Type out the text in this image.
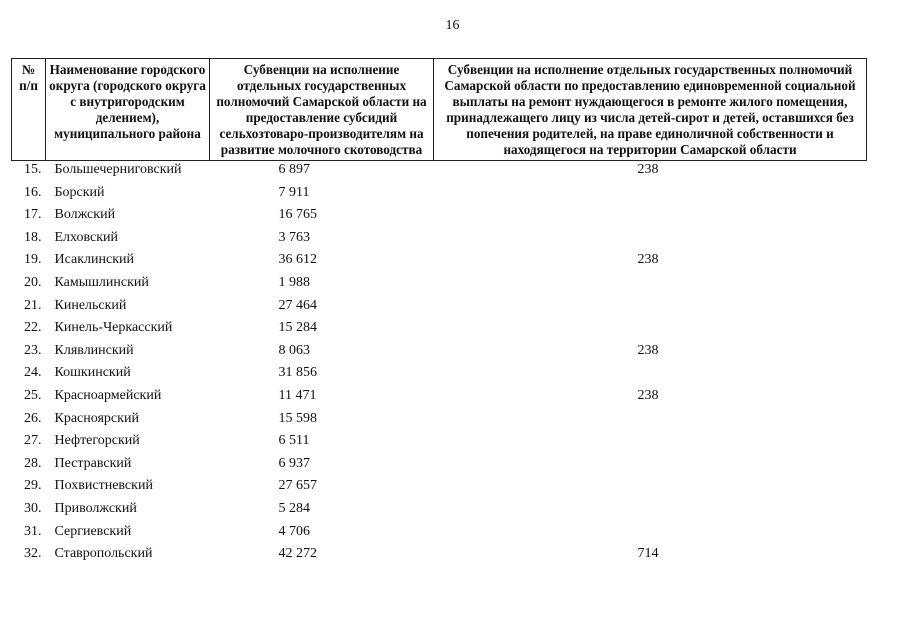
16
№ п/п	Наименование городского округа (городского округа с внутригородским делением), муниципального района	Субвенции на исполнение отдельных государственных полномочий Самарской области на предоставление субсидий сельхозтоваро-производителям на развитие молочного скотоводства	Субвенции на исполнение отдельных государственных полномочий Самарской области по предоставлению единовременной социальной выплаты на ремонт нуждающегося в ремонте жилого помещения, принадлежащего лицу из числа детей-сирот и детей, оставшихся без попечения родителей, на праве единоличной собственности и находящегося на территории Самарской области
15.	Большечерниговский	6 897	238
16.	Борский	7 911	
17.	Волжский	16 765	
18.	Елховский	3 763	
19.	Исаклинский	36 612	238
20.	Камышлинский	1 988	
21.	Кинельский	27 464	
22.	Кинель-Черкасский	15 284	
23.	Клявлинский	8 063	238
24.	Кошкинский	31 856	
25.	Красноармейский	11 471	238
26.	Красноярский	15 598	
27.	Нефтегорский	6 511	
28.	Пестравский	6 937	
29.	Похвистневский	27 657	
30.	Приволжский	5 284	
31.	Сергиевский	4 706	
32.	Ставропольский	42 272	714
